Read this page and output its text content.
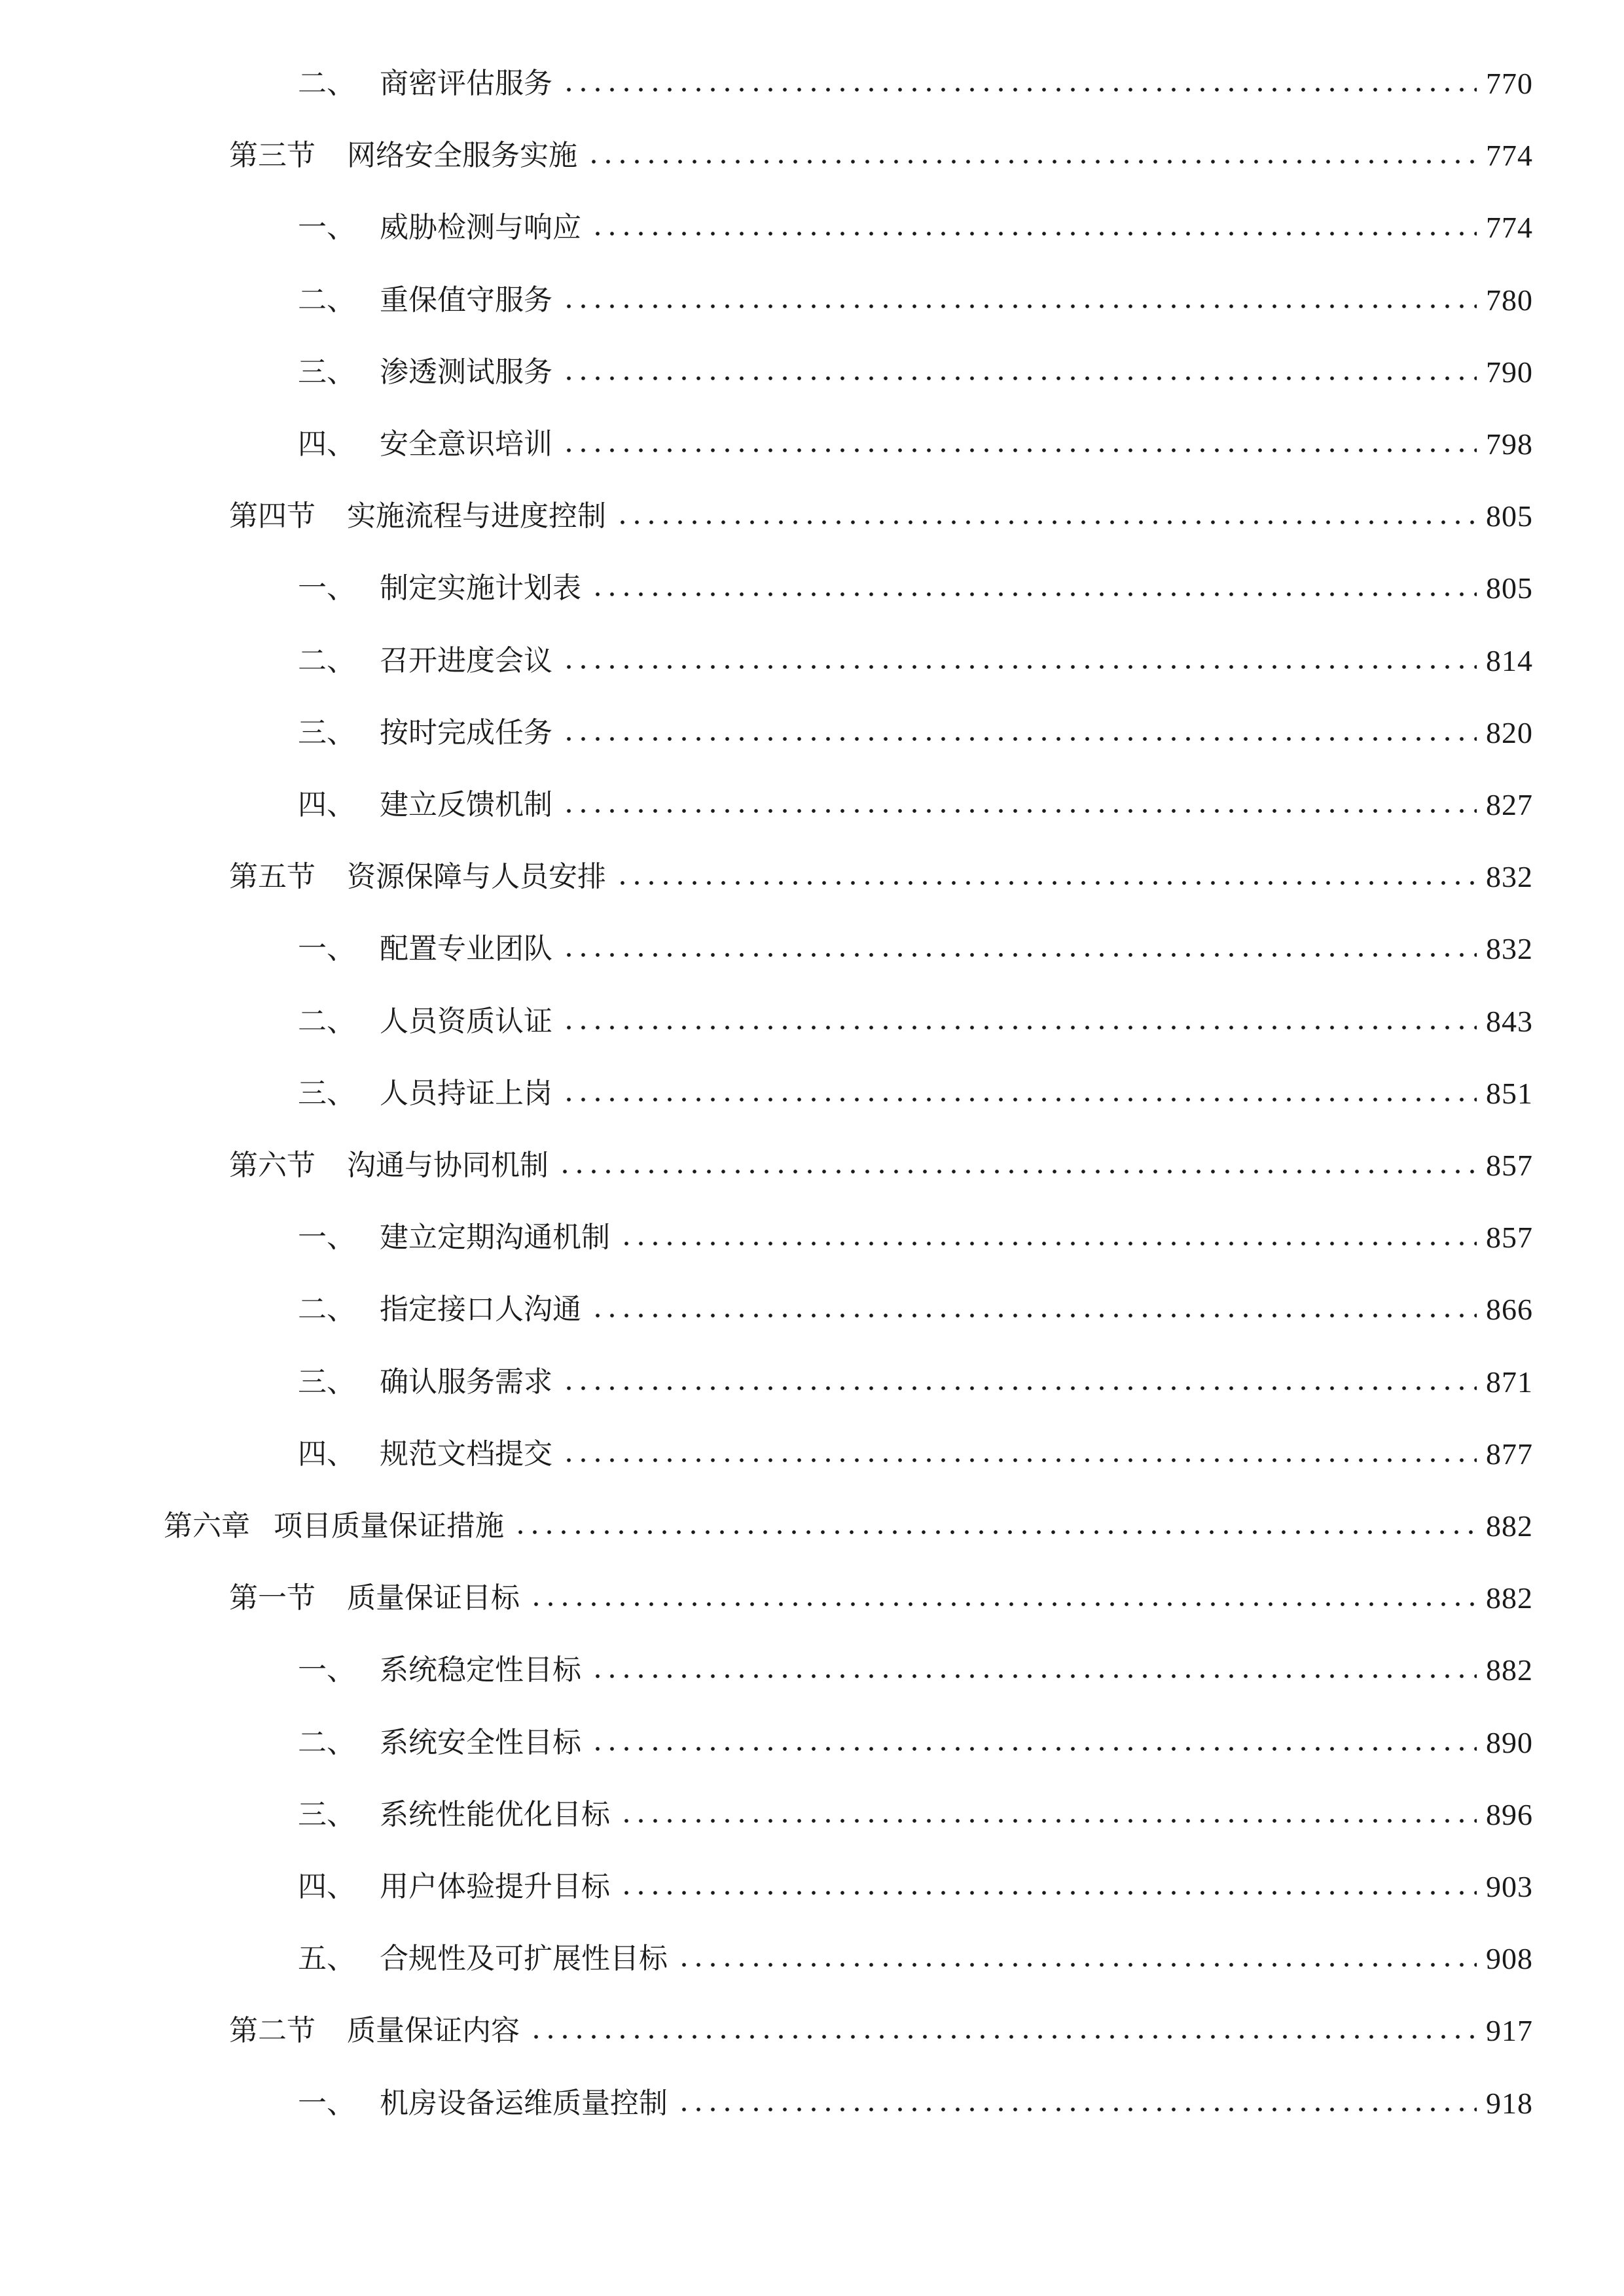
二、 商密评估服务	770
第三节	网络安全服务实施	774
一、 威胁检测与响应	774
二、 重保值守服务	780
三、 渗透测试服务	790
四、 安全意识培训	798
第四节	实施流程与进度控制	805
一、 制定实施计划表	805
二、 召开进度会议	814
三、 按时完成任务	820
四、 建立反馈机制	827
第五节	资源保障与人员安排	832
一、 配置专业团队	832
二、 人员资质认证	843
三、 人员持证上岗	851
第六节	沟通与协同机制	857
一、 建立定期沟通机制	857
二、 指定接口人沟通	866
三、 确认服务需求	871
四、 规范文档提交	877
第六章 项目质量保证措施	882
第一节	质量保证目标	882
一、 系统稳定性目标	882
二、 系统安全性目标	890
三、 系统性能优化目标	896
四、 用户体验提升目标	903
五、 合规性及可扩展性目标	908
第二节	质量保证内容	917
一、 机房设备运维质量控制	918
